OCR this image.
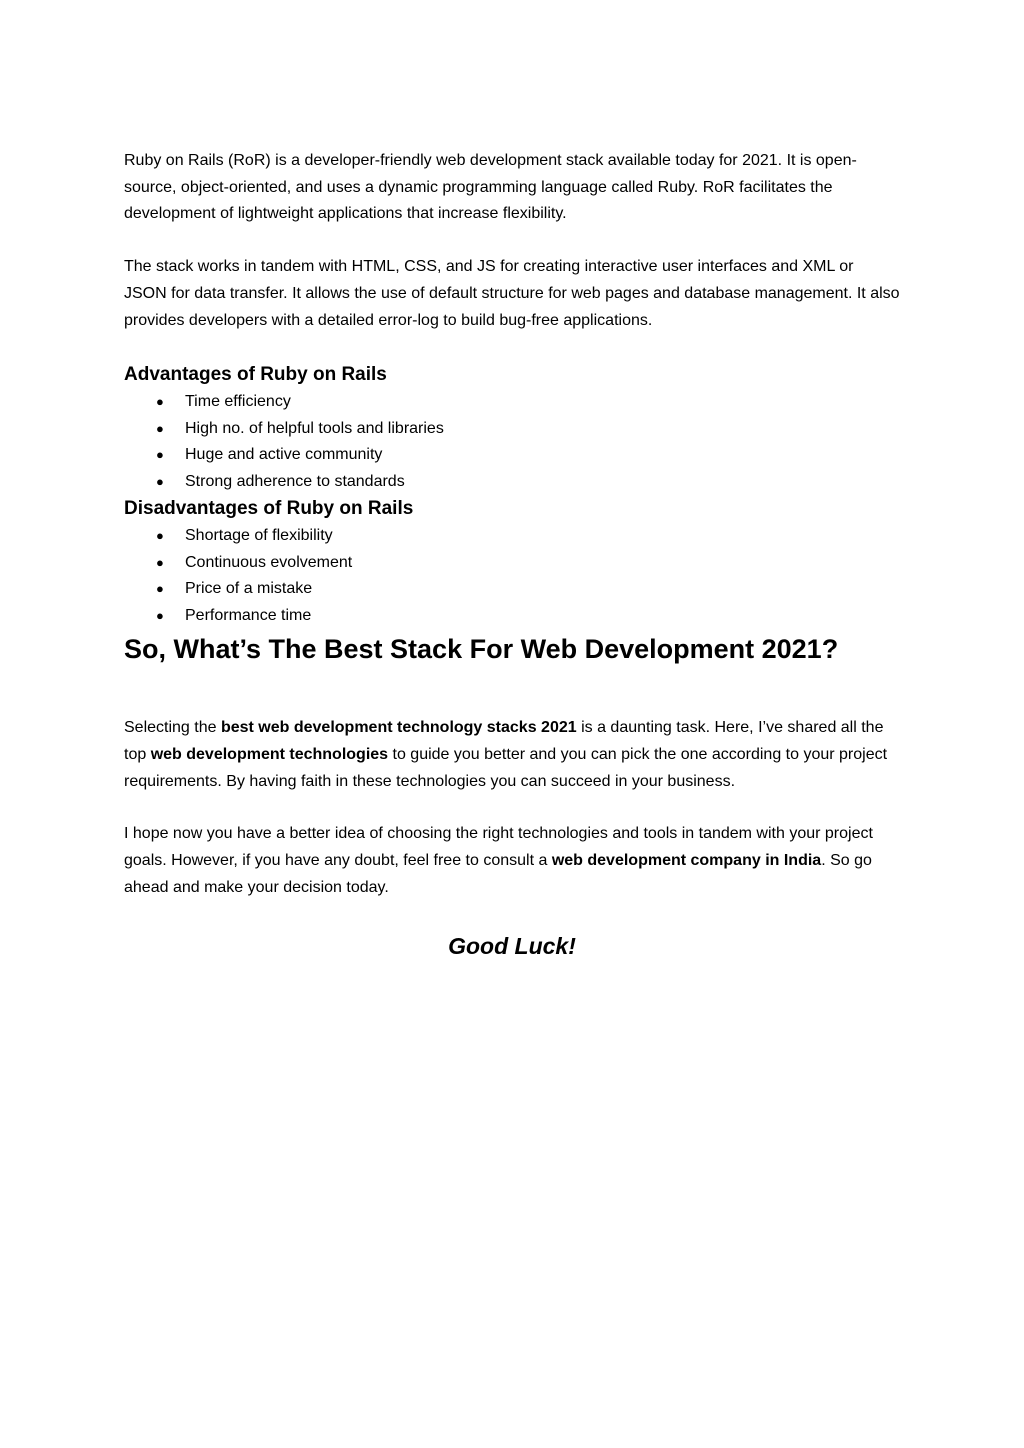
Ruby on Rails (RoR) is a developer-friendly web development stack available today for 2021. It is open-source, object-oriented, and uses a dynamic programming language called Ruby. RoR facilitates the development of lightweight applications that increase flexibility.

The stack works in tandem with HTML, CSS, and JS for creating interactive user interfaces and XML or JSON for data transfer. It allows the use of default structure for web pages and database management. It also provides developers with a detailed error-log to build bug-free applications.

Advantages of Ruby on Rails
● Time efficiency
● High no. of helpful tools and libraries
● Huge and active community
● Strong adherence to standards
Disadvantages of Ruby on Rails
● Shortage of flexibility
● Continuous evolvement
● Price of a mistake
● Performance time
So, What’s The Best Stack For Web Development 2021?

Selecting the best web development technology stacks 2021 is a daunting task. Here, I’ve shared all the top web development technologies to guide you better and you can pick the one according to your project requirements. By having faith in these technologies you can succeed in your business.

I hope now you have a better idea of choosing the right technologies and tools in tandem with your project goals. However, if you have any doubt, feel free to consult a web development company in India. So go ahead and make your decision today.

Good Luck!
